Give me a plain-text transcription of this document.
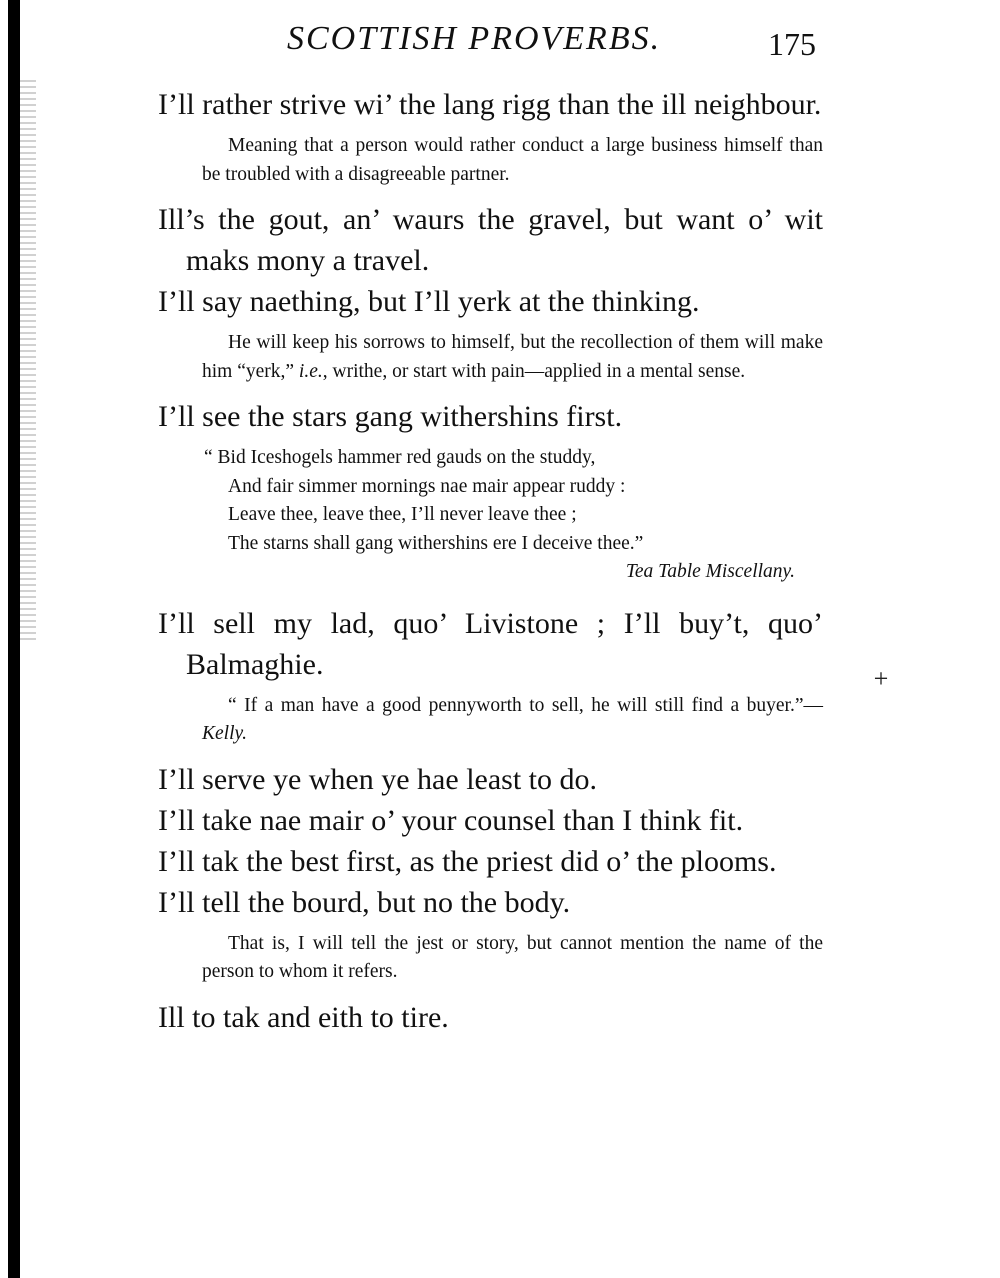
SCOTTISH PROVERBS.	175

I’ll rather strive wi’ the lang rigg than the ill neighbour.

Meaning that a person would rather conduct a large business himself than be troubled with a disagreeable partner.

Ill’s the gout, an’ waurs the gravel, but want o’ wit maks mony a travel.

I’ll say naething, but I’ll yerk at the thinking.

He will keep his sorrows to himself, but the recollection of them will make him “yerk,” i.e., writhe, or start with pain—applied in a mental sense.

I’ll see the stars gang withershins first.

“ Bid Iceshogels hammer red gauds on the studdy,
And fair simmer mornings nae mair appear ruddy :
Leave thee, leave thee, I’ll never leave thee ;
The starns shall gang withershins ere I deceive thee.”
Tea Table Miscellany.

I’ll sell my lad, quo’ Livistone ; I’ll buy’t, quo’ Balmaghie.

“ If a man have a good pennyworth to sell, he will still find a buyer.”—Kelly.

I’ll serve ye when ye hae least to do.

I’ll take nae mair o’ your counsel than I think fit.

I’ll tak the best first, as the priest did o’ the plooms.

I’ll tell the bourd, but no the body.

That is, I will tell the jest or story, but cannot mention the name of the person to whom it refers.

Ill to tak and eith to tire.

+
